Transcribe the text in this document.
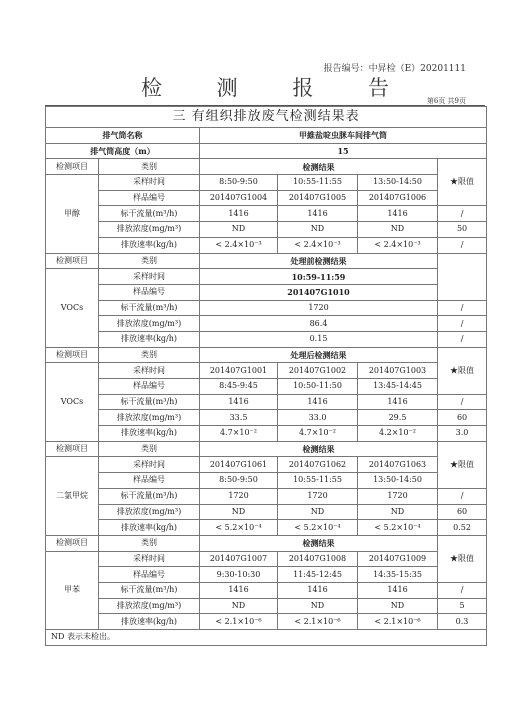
报告编号：中昇检（E）20201111
检 测 报 告
第6页 共9页
三 有组织排放废气检测结果表					
排气筒名称		甲維盐啶虫脒车间排气筒			
排气筒高度（m）		15			
检测项目	类别	检测结果			★限值
甲醇	采样时间	8:50-9:50	10:55-11:55	13:50-14:50	
	样品编号	201407G1004	201407G1005	201407G1006	
	标干流量(m³/h)	1416	1416	1416	/
	排放浓度(mg/m³)	ND	ND	ND	50
	排放速率(kg/h)	< 2.4×10⁻³	< 2.4×10⁻³	< 2.4×10⁻³	/
检测项目	类别	处理前检测结果			
VOCs	采样时间	10:59-11:59			
	样品编号	201407G1010			
	标干流量(m³/h)	1720			/
	排放浓度(mg/m³)	86.4			/
	排放速率(kg/h)	0.15			/
检测项目	类别	处理后检测结果			★限值
VOCs	采样时间	201407G1001	201407G1002	201407G1003	
	样品编号	8:45-9:45	10:50-11:50	13:45-14:45	
	标干流量(m³/h)	1416	1416	1416	/
	排放浓度(mg/m³)	33.5	33.0	29.5	60
	排放速率(kg/h)	4.7×10⁻²	4.7×10⁻²	4.2×10⁻²	3.0
检测项目	类别	检测结果			★限值
二氯甲烷	采样时间	201407G1061	201407G1062	201407G1063	
	样品编号	8:50-9:50	10:55-11:55	13:50-14:50	
	标干流量(m³/h)	1720	1720	1720	/
	排放浓度(mg/m³)	ND	ND	ND	60
	排放速率(kg/h)	< 5.2×10⁻⁴	< 5.2×10⁻⁴	< 5.2×10⁻⁴	0.52
检测项目	类别	检测结果			★限值
甲苯	采样时间	201407G1007	201407G1008	201407G1009	
	样品编号	9:30-10:30	11:45-12:45	14:35-15:35	
	标干流量(m³/h)	1416	1416	1416	/
	排放浓度(mg/m³)	ND	ND	ND	5
	排放速率(kg/h)	< 2.1×10⁻⁶	< 2.1×10⁻⁶	< 2.1×10⁻⁶	0.3
ND 表示未检出。					
